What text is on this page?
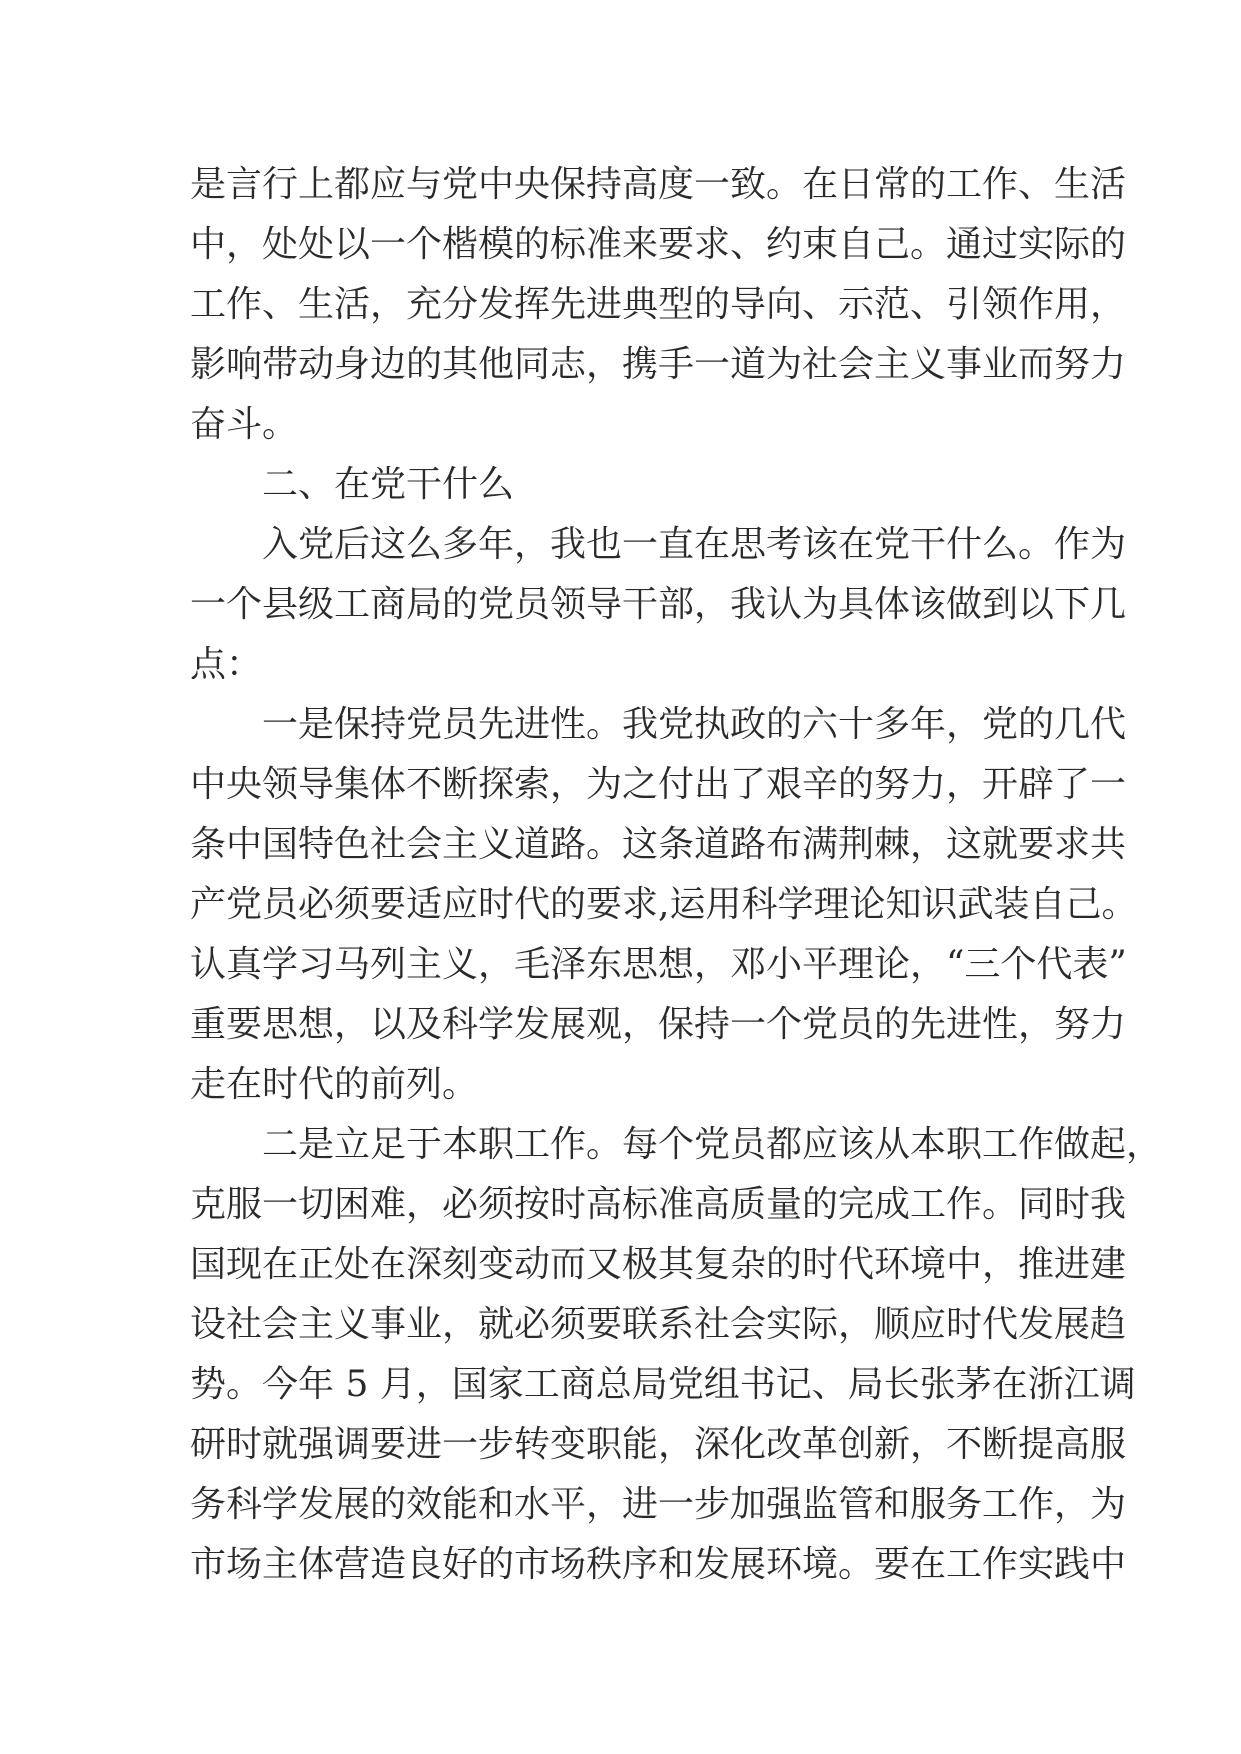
是言行上都应与党中央保持高度一致。在日常的工作、生活
中，处处以一个楷模的标准来要求、约束自己。通过实际的
工作、生活，充分发挥先进典型的导向、示范、引领作用，
影响带动身边的其他同志，携手一道为社会主义事业而努力
奋斗。
二、在党干什么
入党后这么多年，我也一直在思考该在党干什么。作为
一个县级工商局的党员领导干部，我认为具体该做到以下几
点：
一是保持党员先进性。我党执政的六十多年，党的几代
中央领导集体不断探索，为之付出了艰辛的努力，开辟了一
条中国特色社会主义道路。这条道路布满荆棘，这就要求共
产党员必须要适应时代的要求,运用科学理论知识武装自己。
认真学习马列主义，毛泽东思想，邓小平理论，“三个代表”
重要思想，以及科学发展观，保持一个党员的先进性，努力
走在时代的前列。
二是立足于本职工作。每个党员都应该从本职工作做起，
克服一切困难，必须按时高标准高质量的完成工作。同时我
国现在正处在深刻变动而又极其复杂的时代环境中，推进建
设社会主义事业，就必须要联系社会实际，顺应时代发展趋
势。今年 5 月，国家工商总局党组书记、局长张茅在浙江调
研时就强调要进一步转变职能，深化改革创新，不断提高服
务科学发展的效能和水平，进一步加强监管和服务工作，为
市场主体营造良好的市场秩序和发展环境。要在工作实践中
